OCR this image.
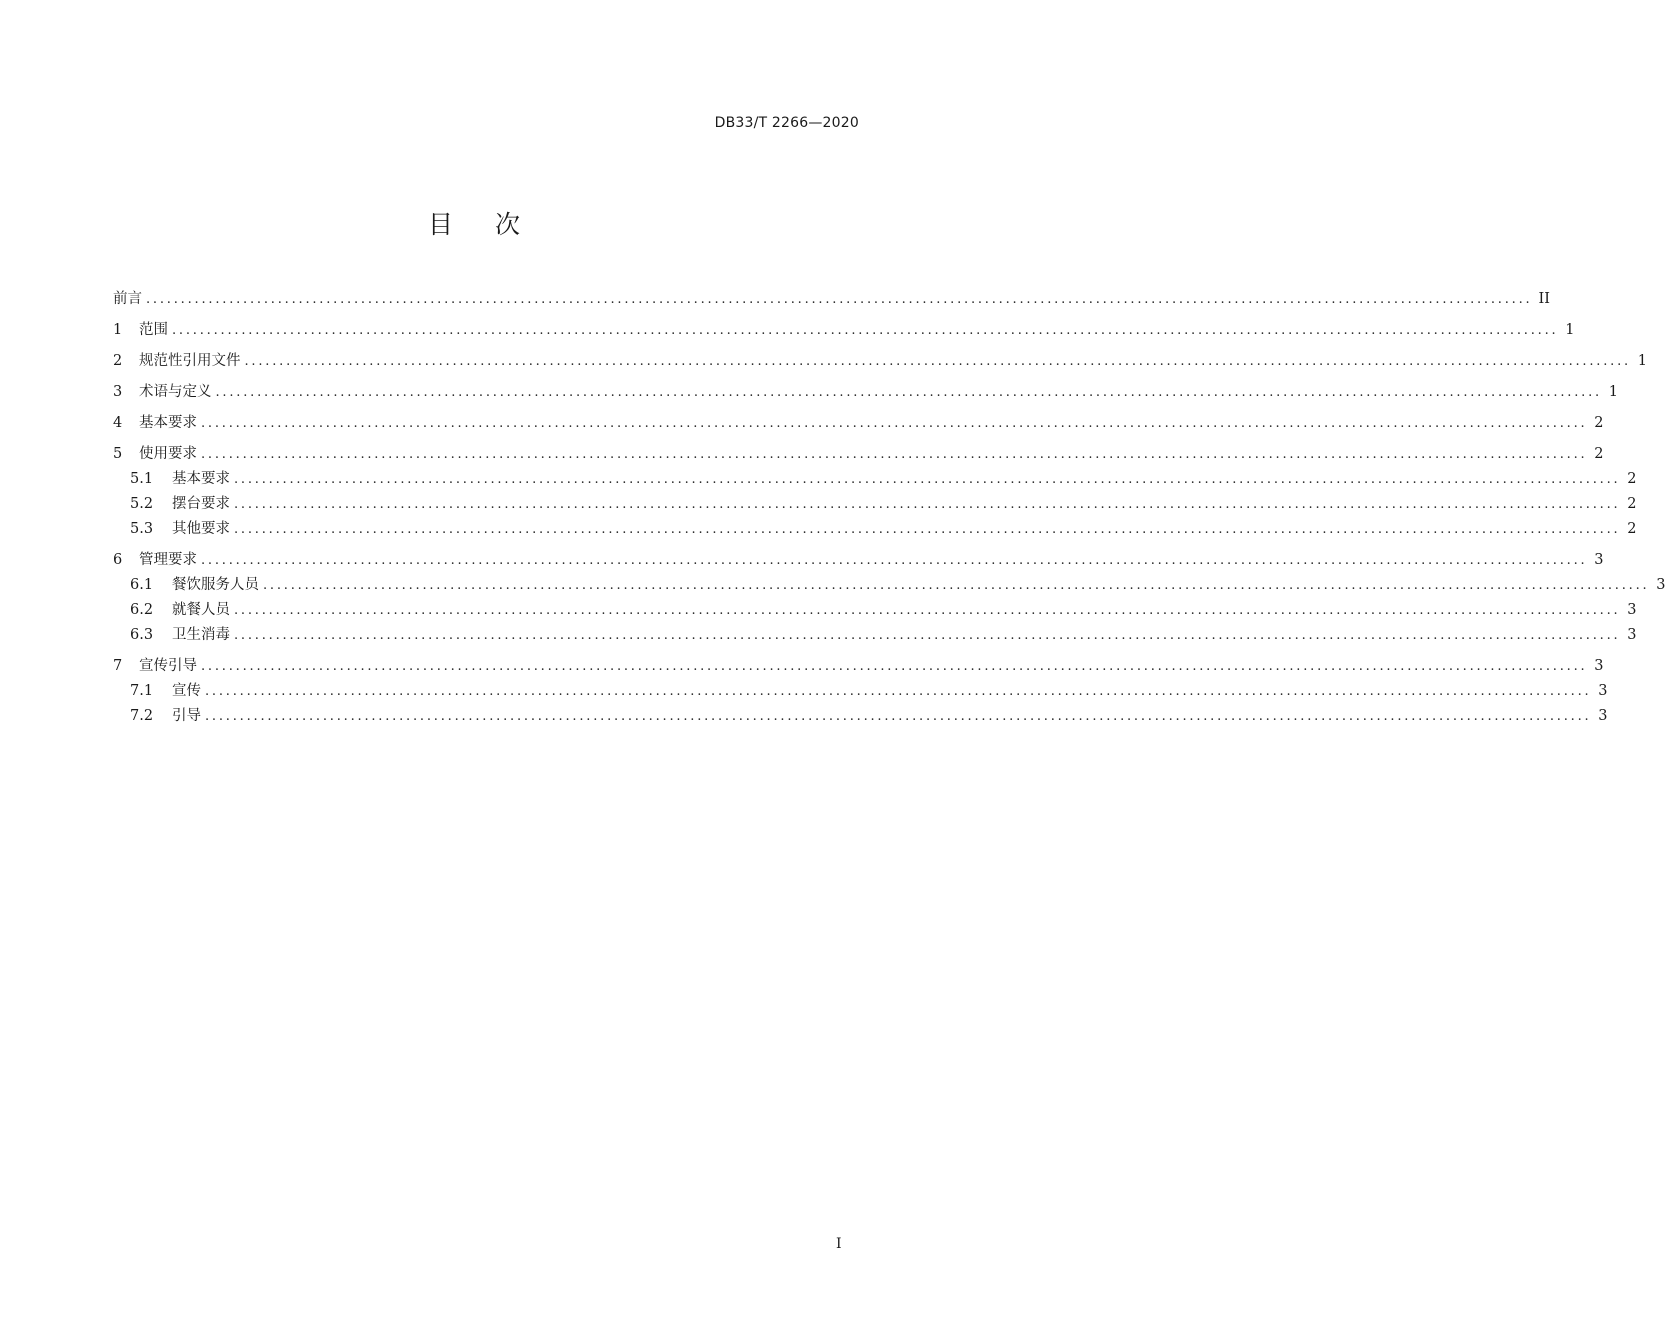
DB33/T 2266—2020
目 次
前言 ........................................................................................................................................................................................................ II
1	范围 ........................................................................................................................................................................................................ 1
2	规范性引用文件 ........................................................................................................................................................................................................ 1
3	术语与定义 ........................................................................................................................................................................................................ 1
4	基本要求 ........................................................................................................................................................................................................ 2
5	使用要求 ........................................................................................................................................................................................................ 2
5.1	基本要求 ........................................................................................................................................................................................................ 2
5.2	摆台要求 ........................................................................................................................................................................................................ 2
5.3	其他要求 ........................................................................................................................................................................................................ 2
6	管理要求 ........................................................................................................................................................................................................ 3
6.1	餐饮服务人员 ........................................................................................................................................................................................................ 3
6.2	就餐人员 ........................................................................................................................................................................................................ 3
6.3	卫生消毒 ........................................................................................................................................................................................................ 3
7	宣传引导 ........................................................................................................................................................................................................ 3
7.1	宣传 ........................................................................................................................................................................................................ 3
7.2	引导 ........................................................................................................................................................................................................ 3
I
